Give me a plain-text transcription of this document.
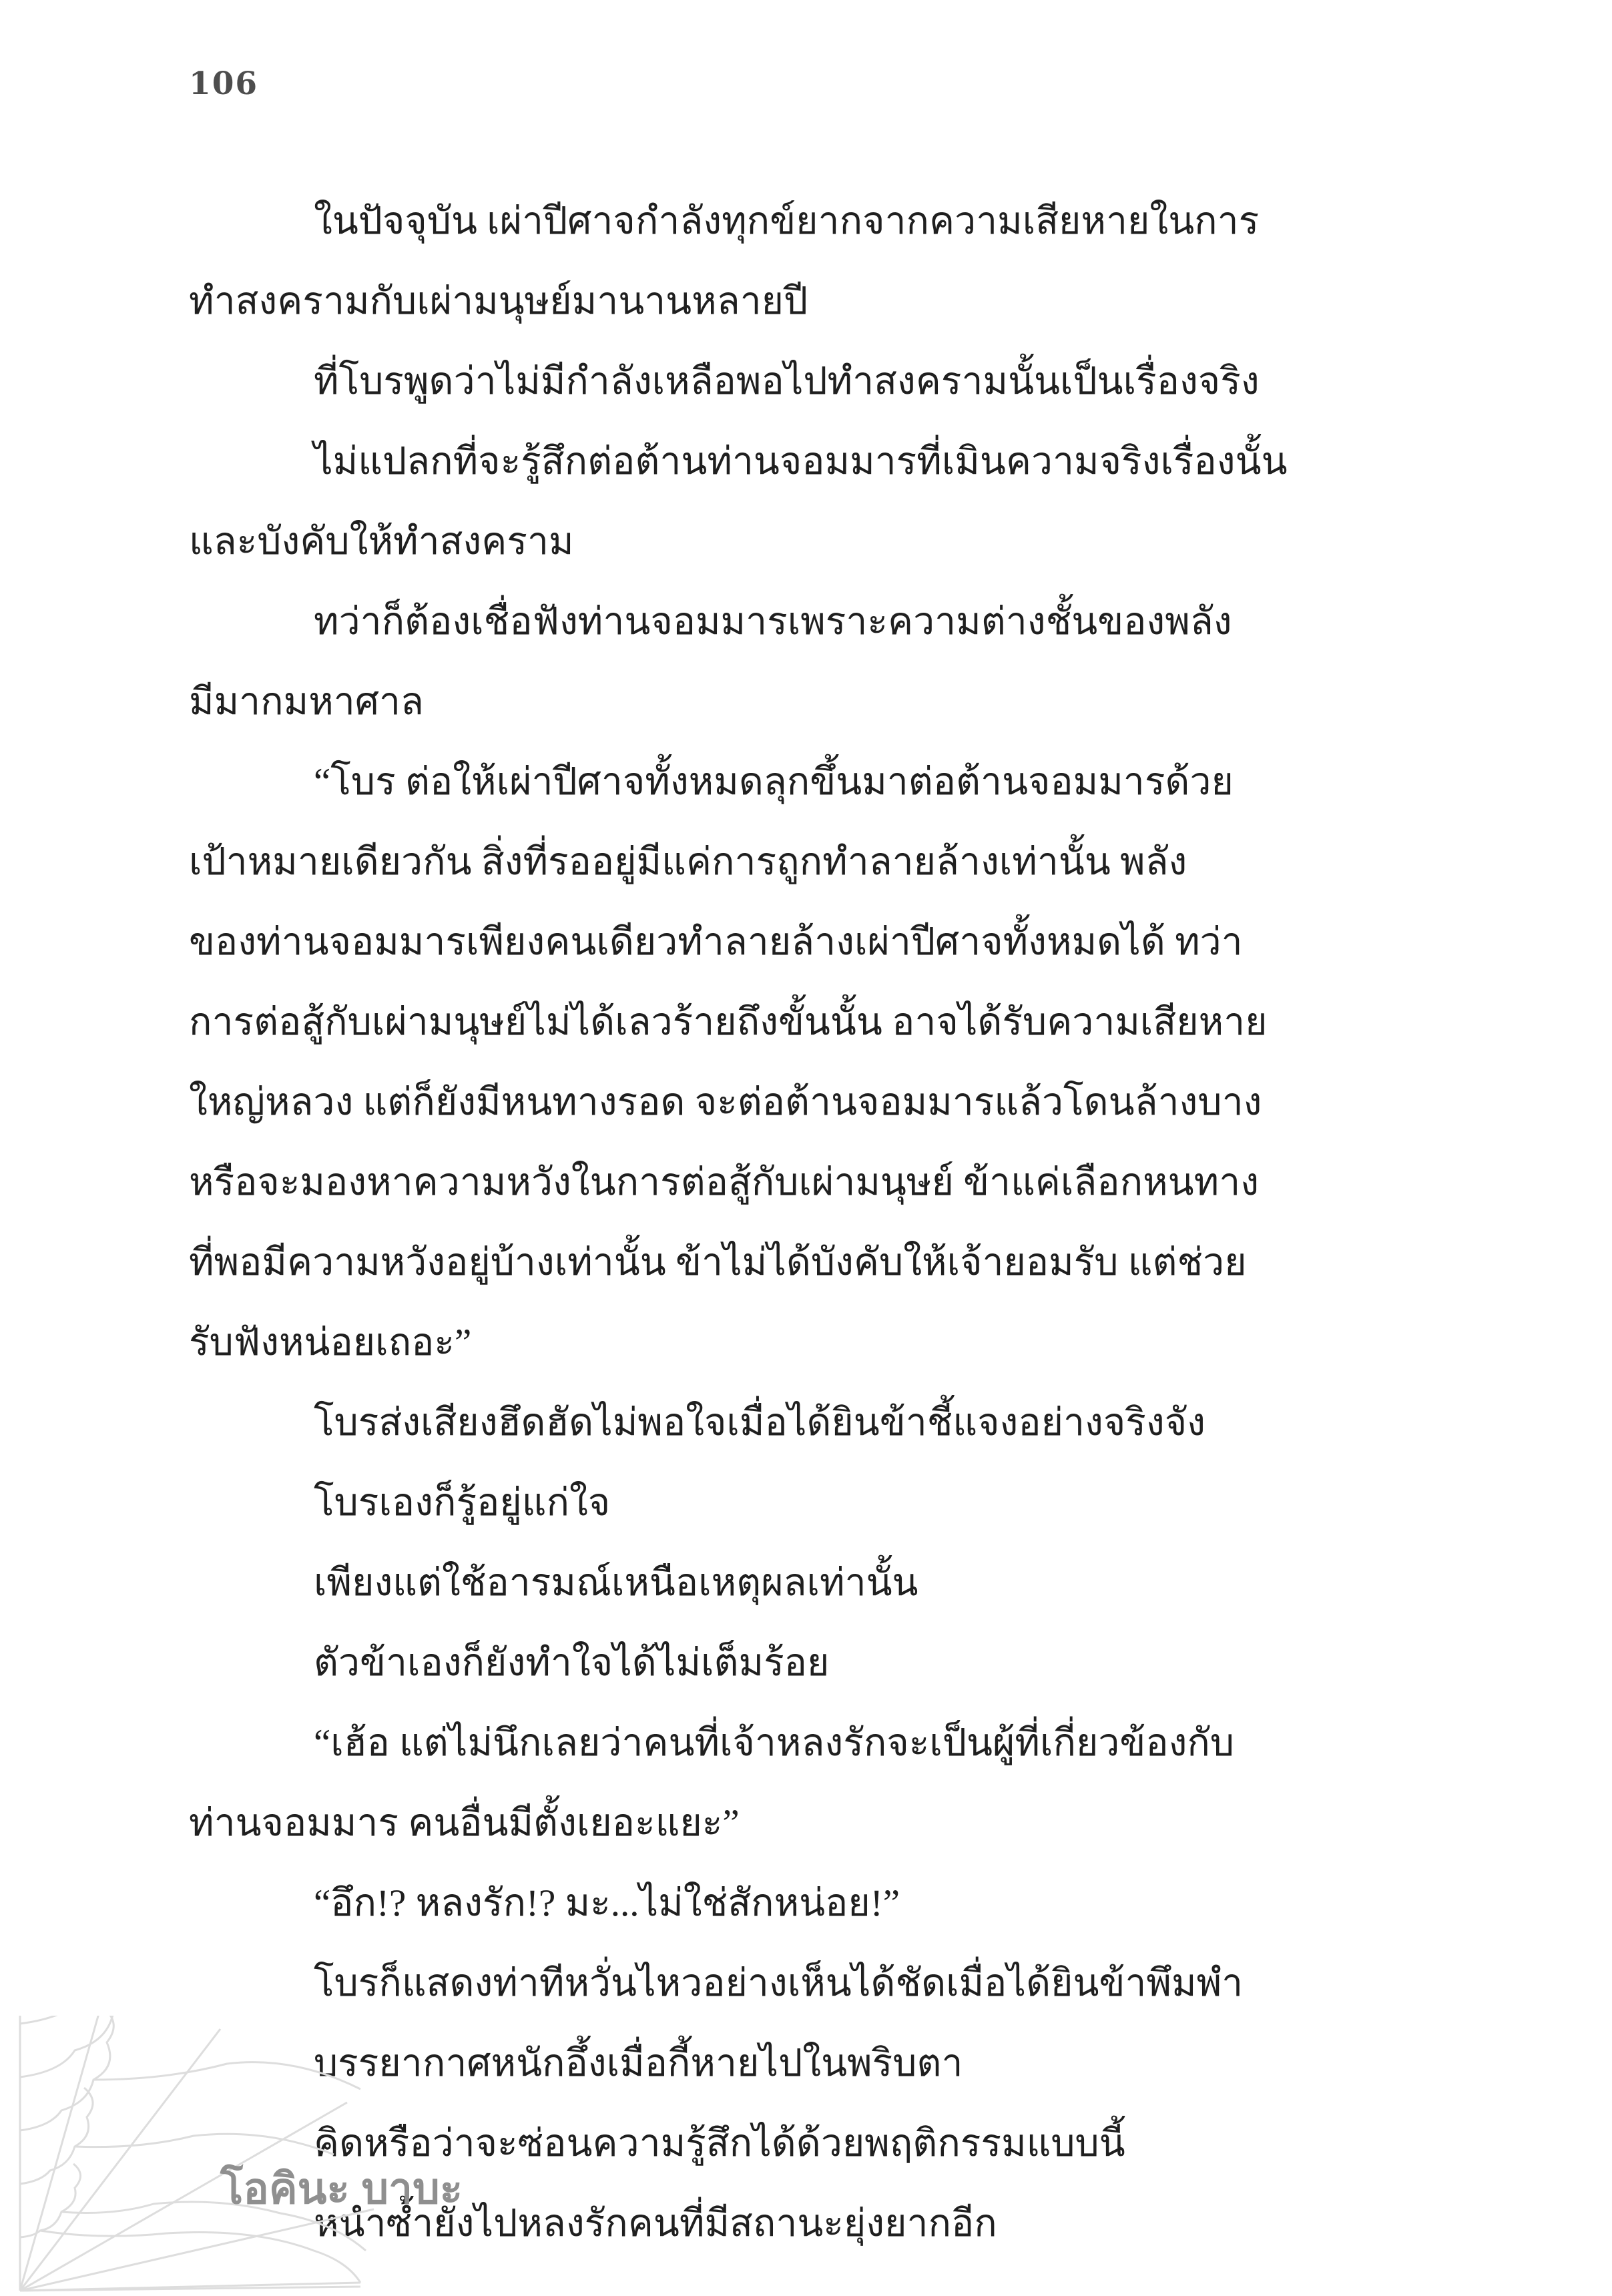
106
ในปัจจุบัน เผ่าปีศาจกำลังทุกข์ยากจากความเสียหายในการ
ทำสงครามกับเผ่ามนุษย์มานานหลายปี
ที่โบรพูดว่าไม่มีกำลังเหลือพอไปทำสงครามนั้นเป็นเรื่องจริง
ไม่แปลกที่จะรู้สึกต่อต้านท่านจอมมารที่เมินความจริงเรื่องนั้น
และบังคับให้ทำสงคราม
ทว่าก็ต้องเชื่อฟังท่านจอมมารเพราะความต่างชั้นของพลัง
มีมากมหาศาล
“โบร ต่อให้เผ่าปีศาจทั้งหมดลุกขึ้นมาต่อต้านจอมมารด้วย
เป้าหมายเดียวกัน สิ่งที่รออยู่มีแค่การถูกทำลายล้างเท่านั้น พลัง
ของท่านจอมมารเพียงคนเดียวทำลายล้างเผ่าปีศาจทั้งหมดได้ ทว่า
การต่อสู้กับเผ่ามนุษย์ไม่ได้เลวร้ายถึงขั้นนั้น อาจได้รับความเสียหาย
ใหญ่หลวง แต่ก็ยังมีหนทางรอด จะต่อต้านจอมมารแล้วโดนล้างบาง
หรือจะมองหาความหวังในการต่อสู้กับเผ่ามนุษย์ ข้าแค่เลือกหนทาง
ที่พอมีความหวังอยู่บ้างเท่านั้น ข้าไม่ได้บังคับให้เจ้ายอมรับ แต่ช่วย
รับฟังหน่อยเถอะ”
โบรส่งเสียงฮึดฮัดไม่พอใจเมื่อได้ยินข้าชี้แจงอย่างจริงจัง
โบรเองก็รู้อยู่แก่ใจ
เพียงแต่ใช้อารมณ์เหนือเหตุผลเท่านั้น
ตัวข้าเองก็ยังทำใจได้ไม่เต็มร้อย
“เฮ้อ แต่ไม่นึกเลยว่าคนที่เจ้าหลงรักจะเป็นผู้ที่เกี่ยวข้องกับ
ท่านจอมมาร คนอื่นมีตั้งเยอะแยะ”
“อึก!? หลงรัก!? มะ...ไม่ใช่สักหน่อย!”
โบรก็แสดงท่าทีหวั่นไหวอย่างเห็นได้ชัดเมื่อได้ยินข้าพึมพำ
บรรยากาศหนักอึ้งเมื่อกี้หายไปในพริบตา
คิดหรือว่าจะซ่อนความรู้สึกได้ด้วยพฤติกรรมแบบนี้
หนำซ้ำยังไปหลงรักคนที่มีสถานะยุ่งยากอีก
โอคินะ บาบะ
